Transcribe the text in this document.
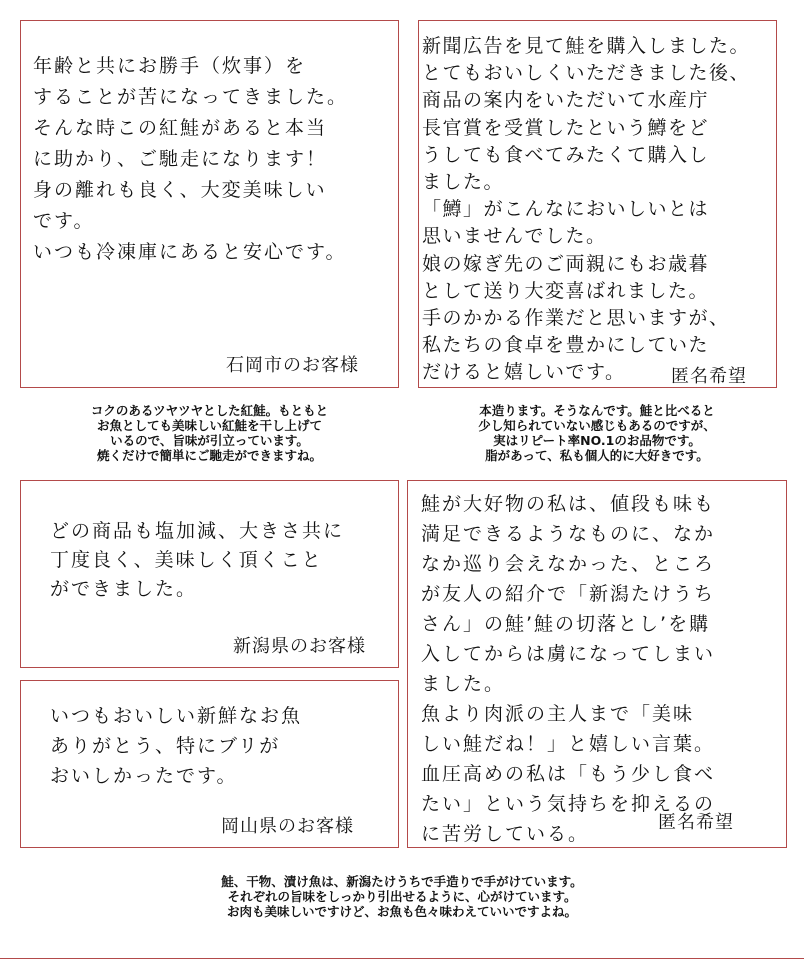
年齢と共にお勝手（炊事）を
することが苦になってきました。
そんな時この紅鮭があると本当
に助かり、ご馳走になります！
身の離れも良く、大変美味しい
です。
いつも冷凍庫にあると安心です。
石岡市のお客様
新聞広告を見て鮭を購入しました。
とてもおいしくいただきました後、
商品の案内をいただいて水産庁
長官賞を受賞したという鱒をど
うしても食べてみたくて購入し
ました。
「鱒」がこんなにおいしいとは
思いませんでした。
娘の嫁ぎ先のご両親にもお歳暮
として送り大変喜ばれました。
手のかかる作業だと思いますが、
私たちの食卓を豊かにしていた
だけると嬉しいです。	匿名希望
コクのあるツヤツヤとした紅鮭。もともと
お魚としても美味しい紅鮭を干し上げて
いるので、旨味が引立っています。
焼くだけで簡単にご馳走ができますね。
本造ります。そうなんです。鮭と比べると
少し知られていない感じもあるのですが、
実はリピート率NO.1のお品物です。
脂があって、私も個人的に大好きです。
どの商品も塩加減、大きさ共に
丁度良く、美味しく頂くこと
ができました。
新潟県のお客様
鮭が大好物の私は、値段も味も
満足できるようなものに、なか
なか巡り会えなかった、ところ
が友人の紹介で「新潟たけうち
さん」の鮭’鮭の切落とし’を購
入してからは虜になってしまい
ました。
魚より肉派の主人まで「美味
しい鮭だね！」と嬉しい言葉。
血圧高めの私は「もう少し食べ
たい」という気持ちを抑えるの
に苦労している。
匿名希望
いつもおいしい新鮮なお魚
ありがとう、特にブリが
おいしかったです。
岡山県のお客様
鮭、干物、漬け魚は、新潟たけうちで手造りで手がけています。
それぞれの旨味をしっかり引出せるように、心がけています。
お肉も美味しいですけど、お魚も色々味わえていいですよね。
